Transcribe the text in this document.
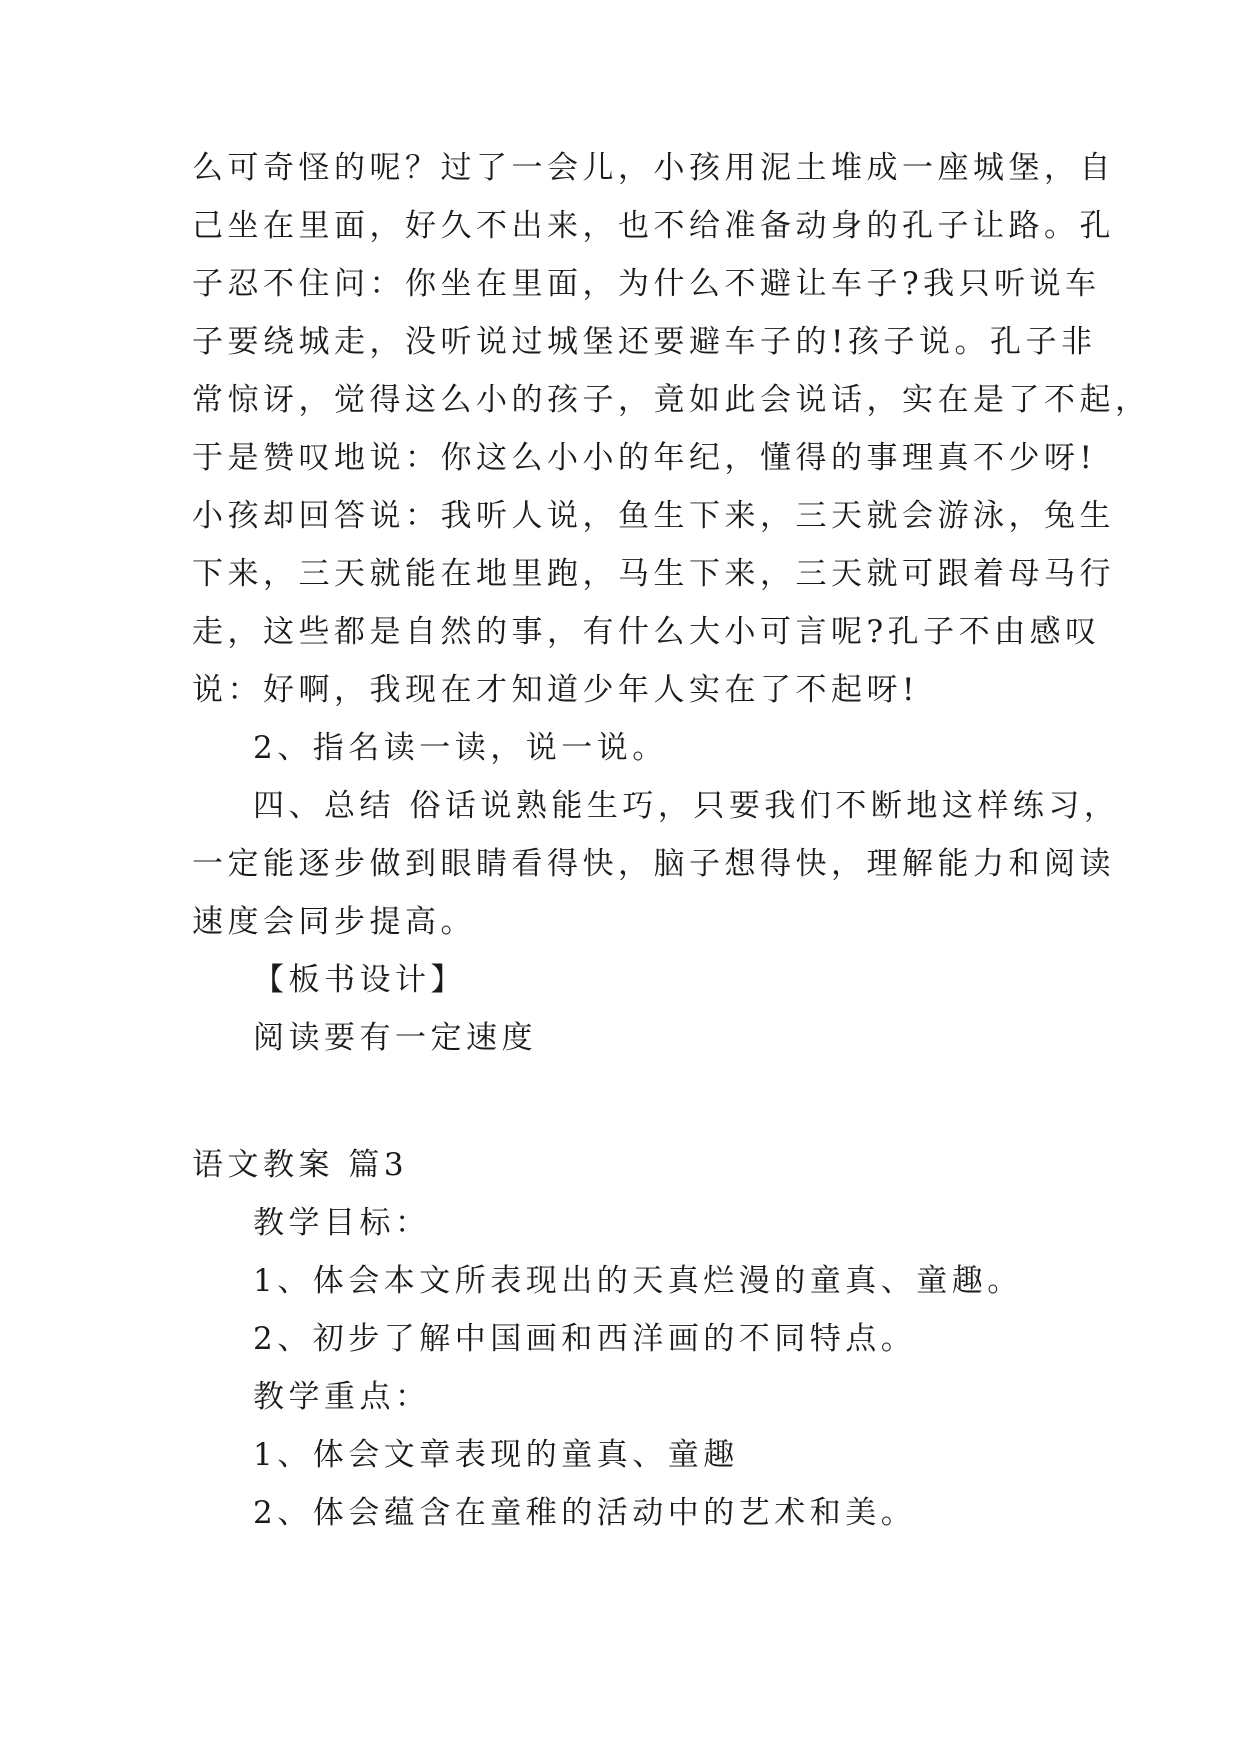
么可奇怪的呢？过了一会儿，小孩用泥土堆成一座城堡，自
己坐在里面，好久不出来，也不给准备动身的孔子让路。孔
子忍不住问：你坐在里面，为什么不避让车子?我只听说车
子要绕城走，没听说过城堡还要避车子的!孩子说。孔子非
常惊讶，觉得这么小的孩子，竟如此会说话，实在是了不起，
于是赞叹地说：你这么小小的年纪，懂得的事理真不少呀!
小孩却回答说：我听人说，鱼生下来，三天就会游泳，兔生
下来，三天就能在地里跑，马生下来，三天就可跟着母马行
走，这些都是自然的事，有什么大小可言呢?孔子不由感叹
说：好啊，我现在才知道少年人实在了不起呀!
2、指名读一读，说一说。
四、总结 俗话说熟能生巧，只要我们不断地这样练习，
一定能逐步做到眼睛看得快，脑子想得快，理解能力和阅读
速度会同步提高。
【板书设计】
阅读要有一定速度
语文教案 篇3
教学目标：
1、体会本文所表现出的天真烂漫的童真、童趣。
2、初步了解中国画和西洋画的不同特点。
教学重点：
1、体会文章表现的童真、童趣
2、体会蕴含在童稚的活动中的艺术和美。
